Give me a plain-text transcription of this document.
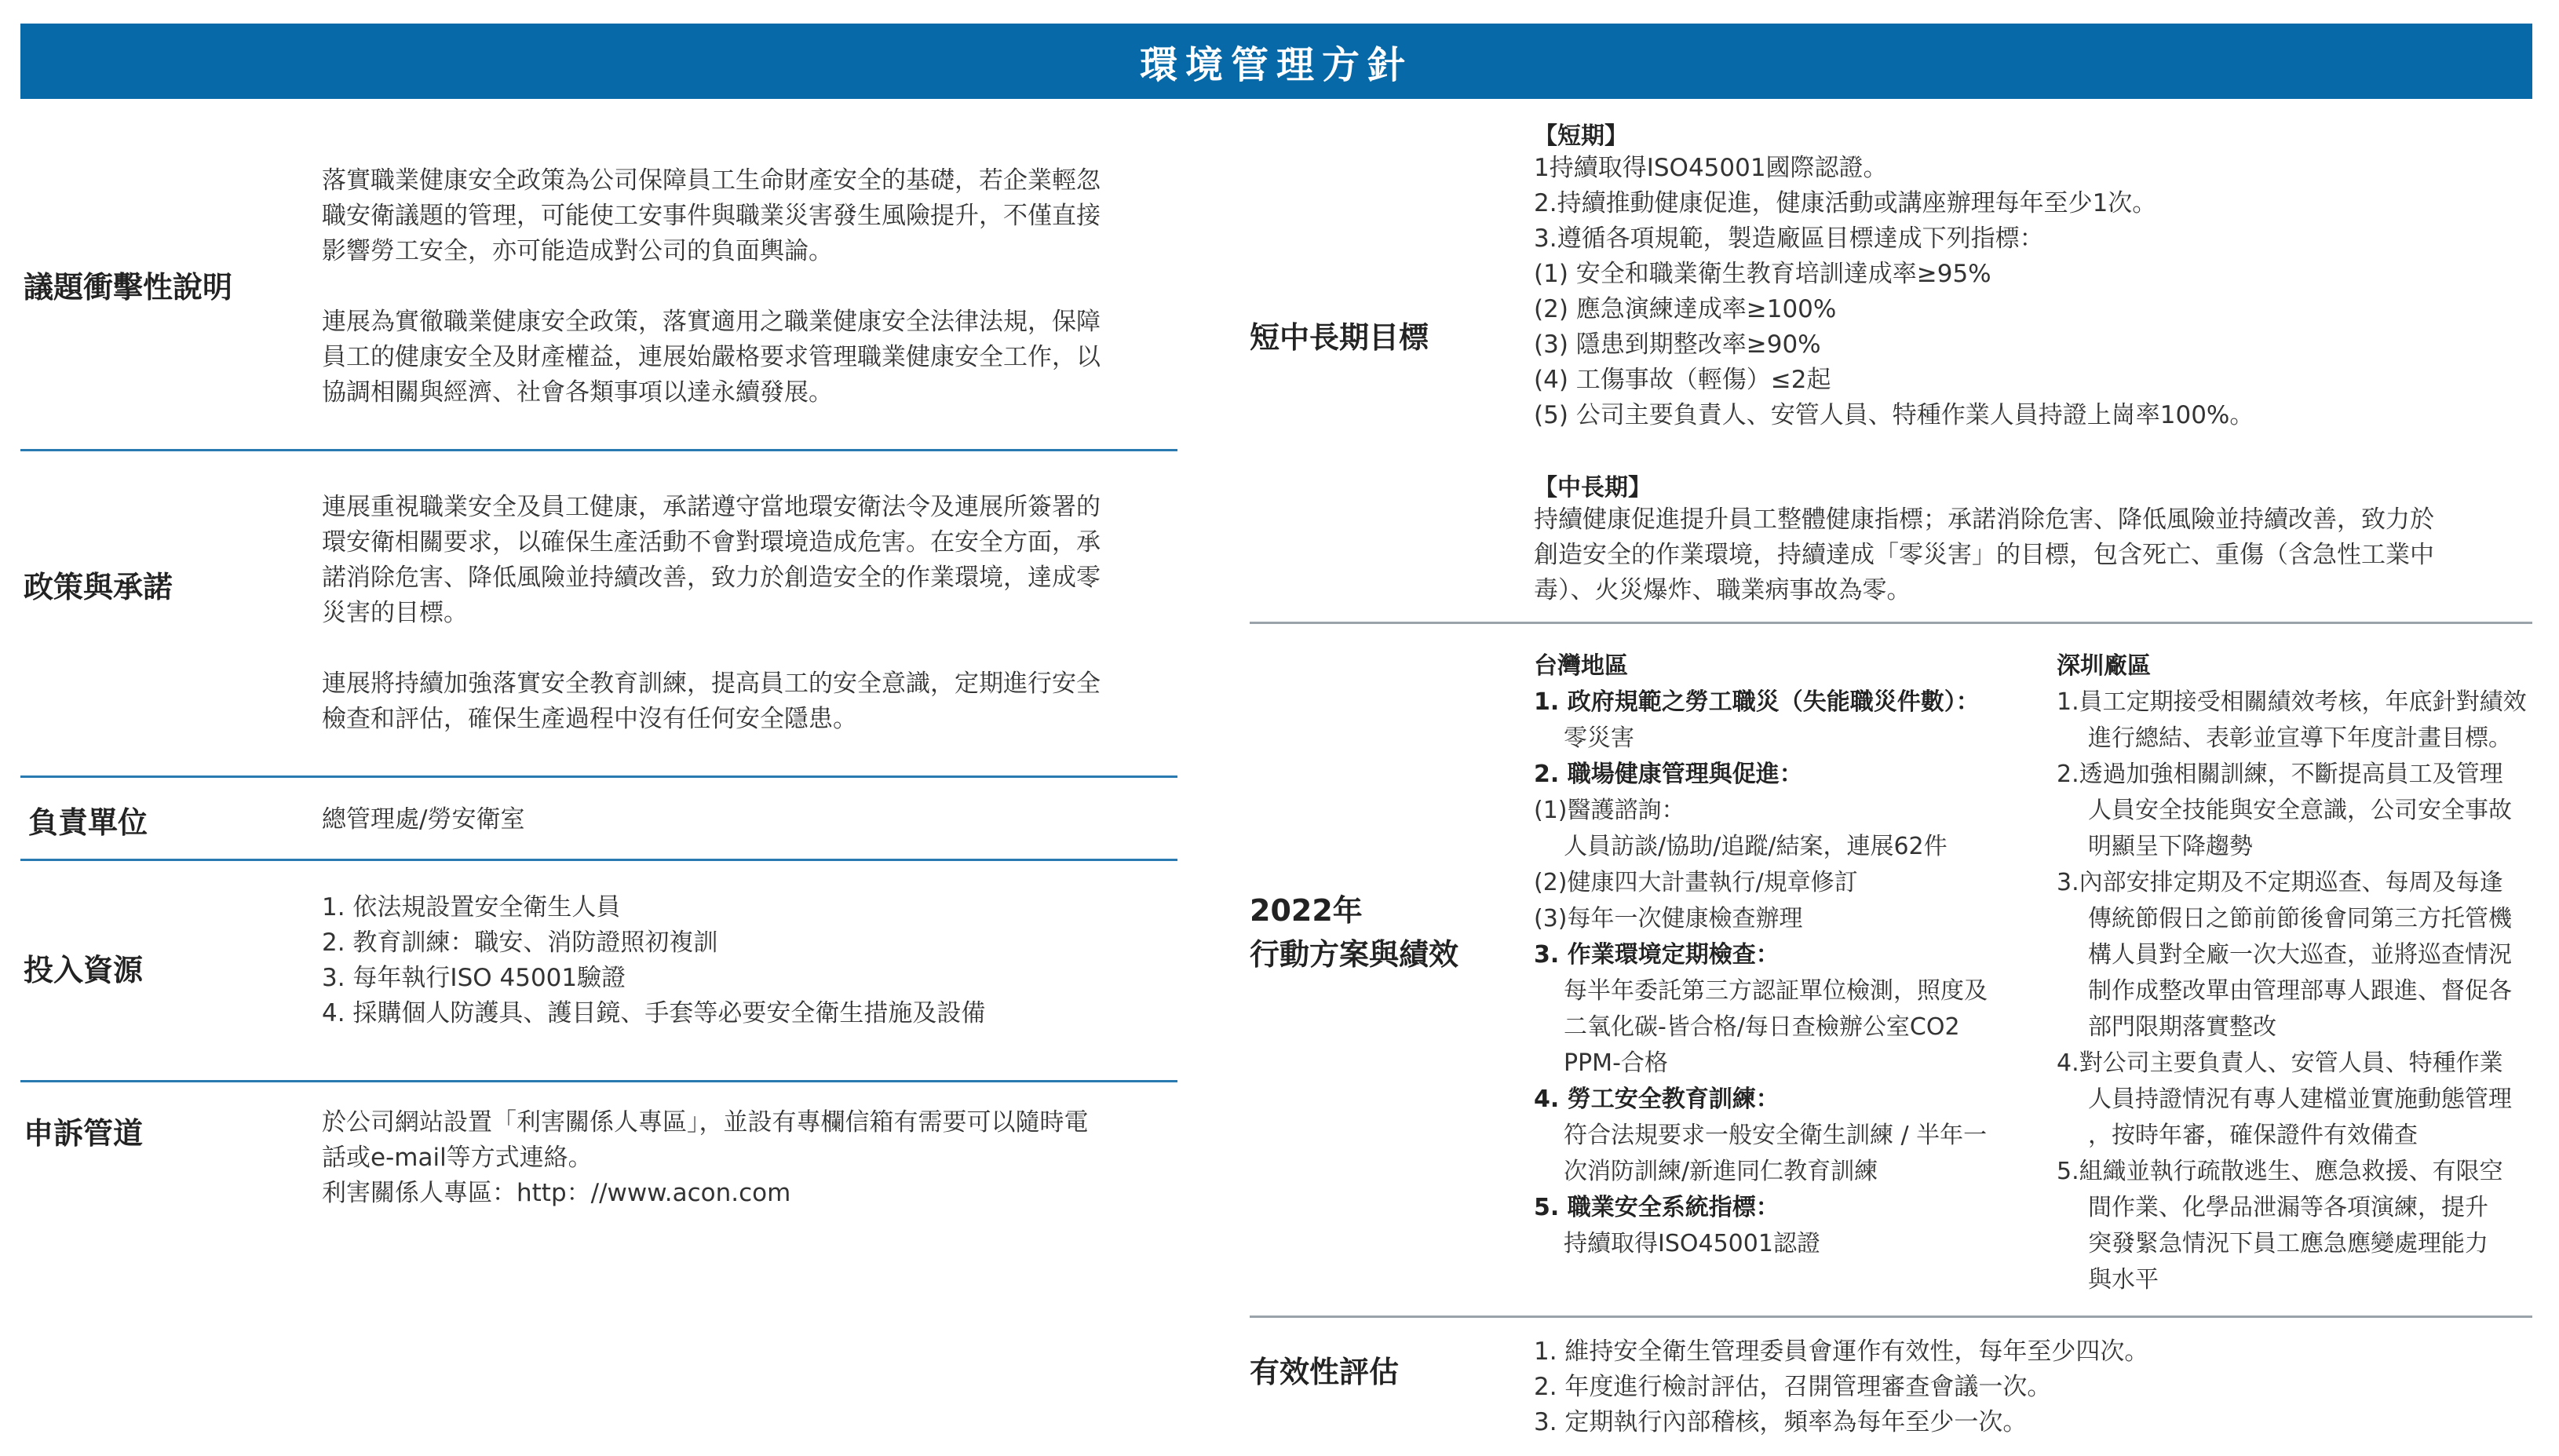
環境管理方針
議題衝擊性說明
落實職業健康安全政策為公司保障員工生命財產安全的基礎，若企業輕忽
職安衛議題的管理，可能使工安事件與職業災害發生風險提升，不僅直接
影響勞工安全，亦可能造成對公司的負面輿論。

連展為實徹職業健康安全政策，落實適用之職業健康安全法律法規，保障
員工的健康安全及財產權益，連展始嚴格要求管理職業健康安全工作，以
協調相關與經濟、社會各類事項以達永續發展。
政策與承諾
連展重視職業安全及員工健康，承諾遵守當地環安衛法令及連展所簽署的
環安衛相關要求，以確保生產活動不會對環境造成危害。在安全方面，承
諾消除危害、降低風險並持續改善，致力於創造安全的作業環境，達成零
災害的目標。

連展將持續加強落實安全教育訓練，提高員工的安全意識，定期進行安全
檢查和評估，確保生產過程中沒有任何安全隱患。
負責單位	總管理處/勞安衛室
投入資源
1. 依法規設置安全衛生人員
2. 教育訓練：職安、消防證照初複訓
3. 每年執行ISO 45001驗證
4. 採購個人防護具、護目鏡、手套等必要安全衛生措施及設備
申訴管道	於公司網站設置「利害關係人專區」，並設有專欄信箱有需要可以隨時電
話或e-mail等方式連絡。
利害關係人專區：http：//www.acon.com
短中長期目標
【短期】
1持續取得ISO45001國際認證。
2.持續推動健康促進，健康活動或講座辦理每年至少1次。
3.遵循各項規範，製造廠區目標達成下列指標：
(1) 安全和職業衛生教育培訓達成率≥95%
(2) 應急演練達成率≥100%
(3) 隱患到期整改率≥90%
(4) 工傷事故（輕傷）≤2起
(5) 公司主要負責人、安管人員、特種作業人員持證上崗率100%。
【中長期】
持續健康促進提升員工整體健康指標；承諾消除危害、降低風險並持續改善，致力於
創造安全的作業環境，持續達成「零災害」的目標，包含死亡、重傷（含急性工業中
毒）、火災爆炸、職業病事故為零。
2022年
行動方案與績效
台灣地區
1. 政府規範之勞工職災（失能職災件數）：
零災害
2. 職場健康管理與促進：
(1)醫護諮詢：
人員訪談/協助/追蹤/結案，連展62件
(2)健康四大計畫執行/規章修訂
(3)每年一次健康檢查辦理
3. 作業環境定期檢查：
每半年委託第三方認証單位檢測，照度及
二氧化碳-皆合格/每日查檢辦公室CO2
PPM-合格
4. 勞工安全教育訓練：
符合法規要求一般安全衛生訓練 / 半年一
次消防訓練/新進同仁教育訓練
5. 職業安全系統指標：
持續取得ISO45001認證
深圳廠區
1.員工定期接受相關績效考核，年底針對績效
進行總結、表彰並宣導下年度計畫目標。
2.透過加強相關訓練，不斷提高員工及管理
人員安全技能與安全意識，公司安全事故
明顯呈下降趨勢
3.內部安排定期及不定期巡查、每周及每逢
傳統節假日之節前節後會同第三方托管機
構人員對全廠一次大巡查，並將巡查情況
制作成整改單由管理部專人跟進、督促各
部門限期落實整改
4.對公司主要負責人、安管人員、特種作業
人員持證情況有專人建檔並實施動態管理
，按時年審，確保證件有效備查
5.組織並執行疏散逃生、應急救援、有限空
間作業、化學品泄漏等各項演練，提升
突發緊急情況下員工應急應變處理能力
與水平
有效性評估
1. 維持安全衛生管理委員會運作有效性，每年至少四次。
2. 年度進行檢討評估，召開管理審查會議一次。
3. 定期執行內部稽核，頻率為每年至少一次。
